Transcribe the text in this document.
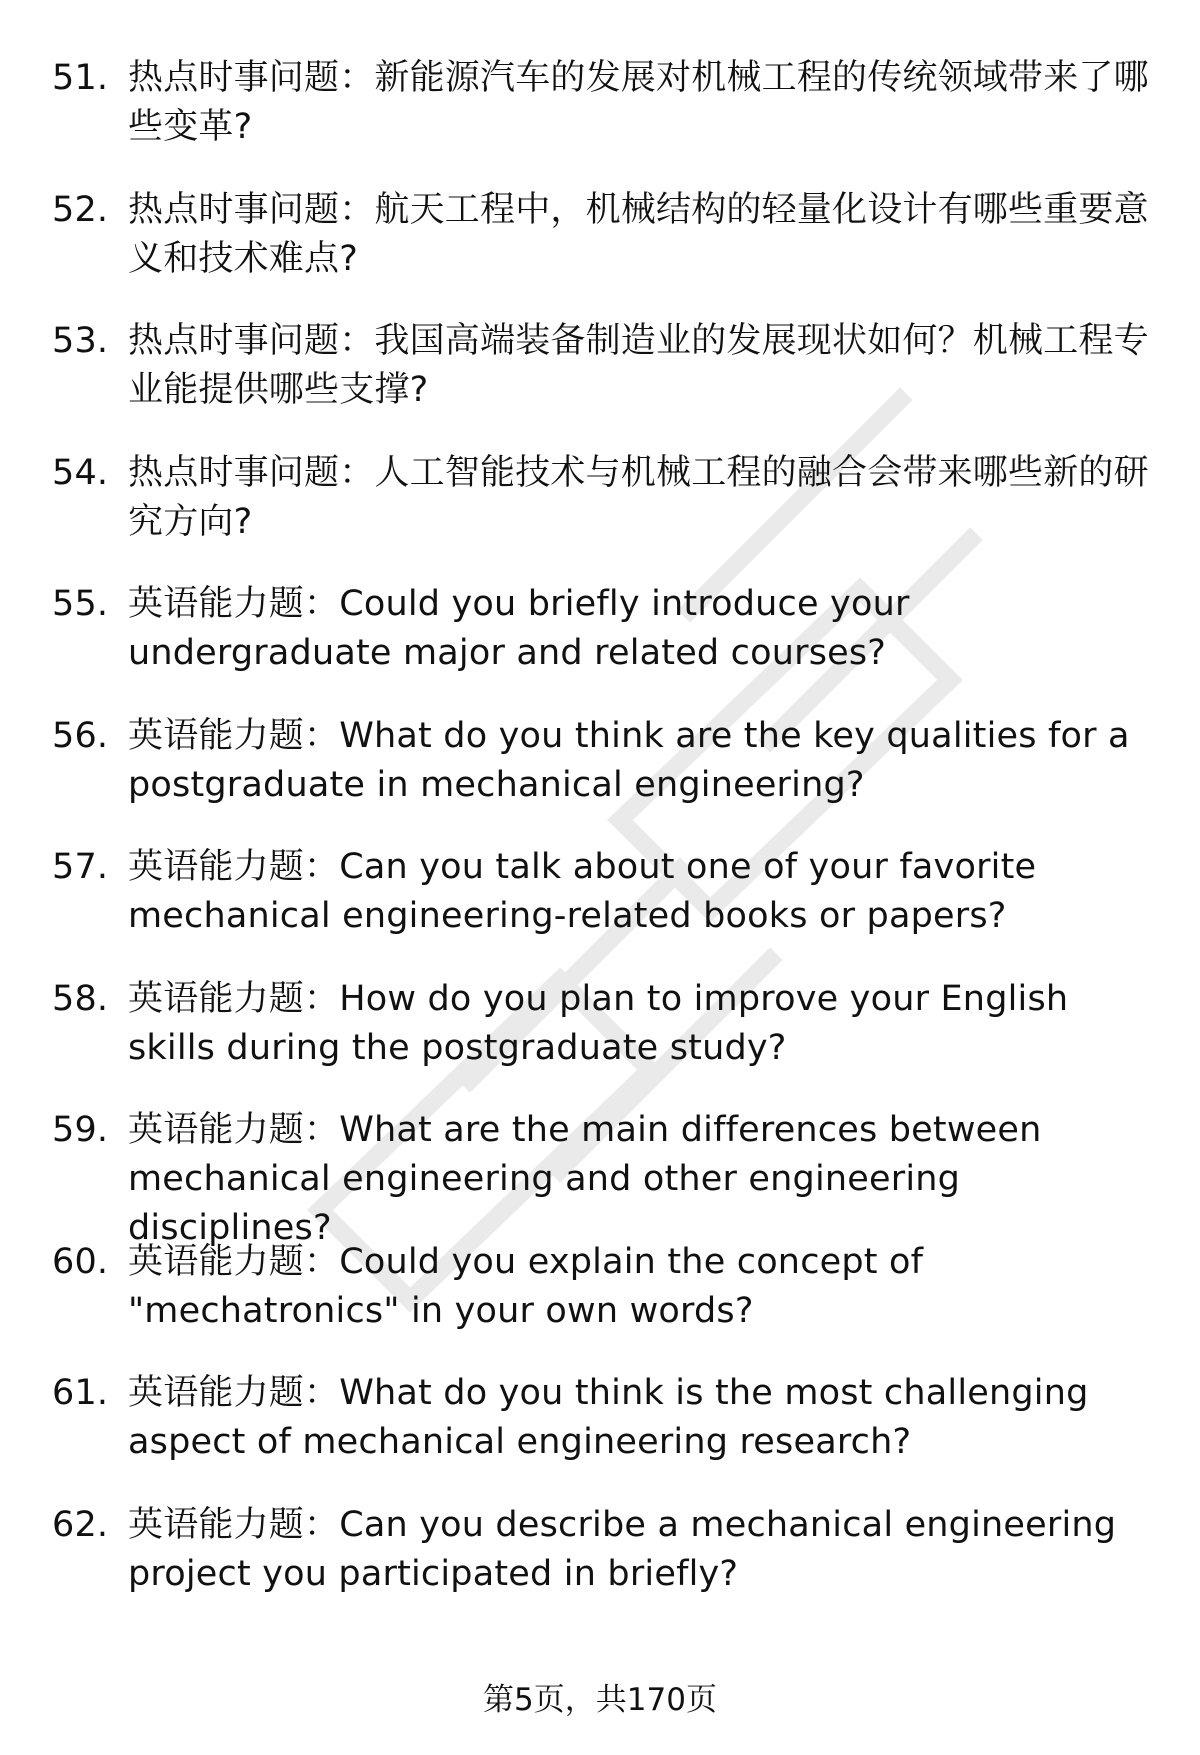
51. 热点时事问题：新能源汽车的发展对机械工程的传统领域带来了哪些变革?
52. 热点时事问题：航天工程中，机械结构的轻量化设计有哪些重要意义和技术难点?
53. 热点时事问题：我国高端装备制造业的发展现状如何？机械工程专业能提供哪些支撑?
54. 热点时事问题：人工智能技术与机械工程的融合会带来哪些新的研究方向?
55. 英语能力题：Could you briefly introduce your undergraduate major and related courses?
56. 英语能力题：What do you think are the key qualities for a postgraduate in mechanical engineering?
57. 英语能力题：Can you talk about one of your favorite mechanical engineering-related books or papers?
58. 英语能力题：How do you plan to improve your English skills during the postgraduate study?
59. 英语能力题：What are the main differences between mechanical engineering and other engineering disciplines?
60. 英语能力题：Could you explain the concept of "mechatronics" in your own words?
61. 英语能力题：What do you think is the most challenging aspect of mechanical engineering research?
62. 英语能力题：Can you describe a mechanical engineering project you participated in briefly?
第5页，共170页
